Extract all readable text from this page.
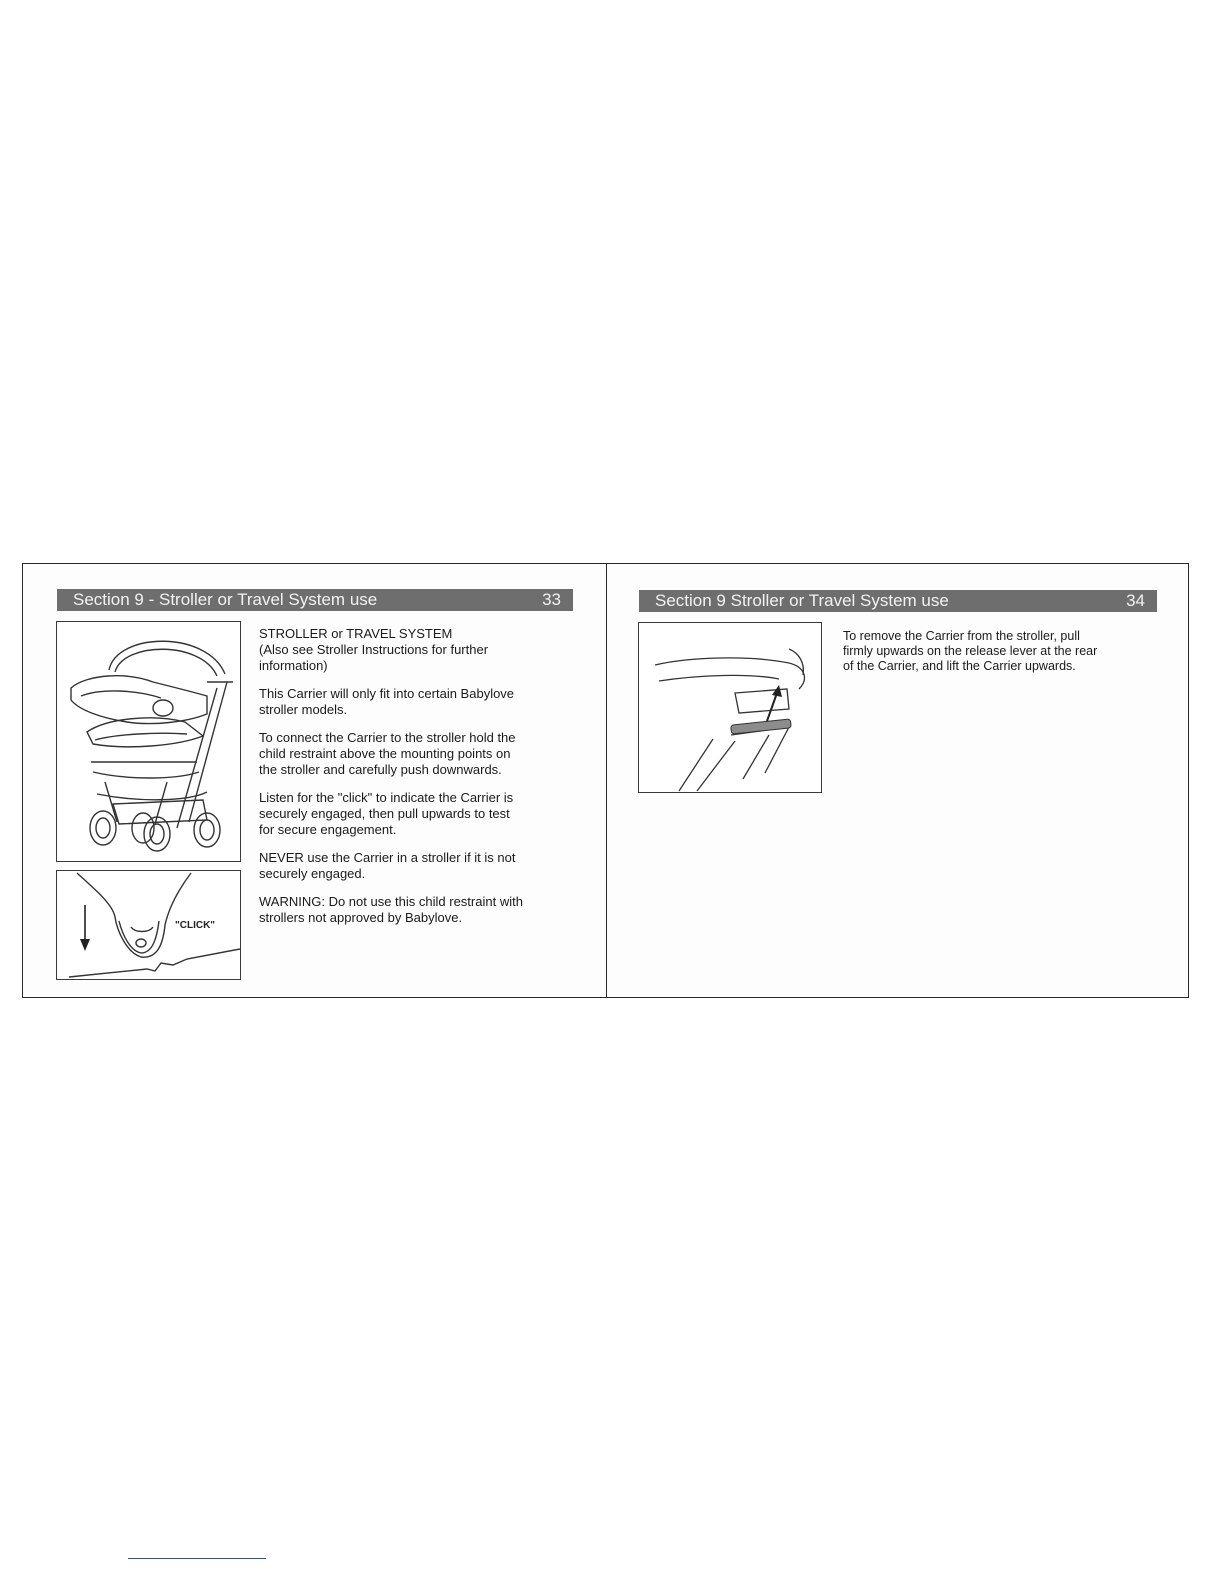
Section 9 - Stroller or Travel System use	33
"CLICK"

STROLLER or TRAVEL SYSTEM
(Also see Stroller Instructions for further
information)

This Carrier will only fit into certain Babylove
stroller models.

To connect the Carrier to the stroller hold the
child restraint above the mounting points on
the stroller and carefully push downwards.

Listen for the "click" to indicate the Carrier is
securely engaged, then pull upwards to test
for secure engagement.

NEVER use the Carrier in a stroller if it is not
securely engaged.

WARNING: Do not use this child restraint with
strollers not approved by Babylove.

Section 9 Stroller or Travel System use	34

To remove the Carrier from the stroller, pull
firmly upwards on the release lever at the rear
of the Carrier, and lift the Carrier upwards.
